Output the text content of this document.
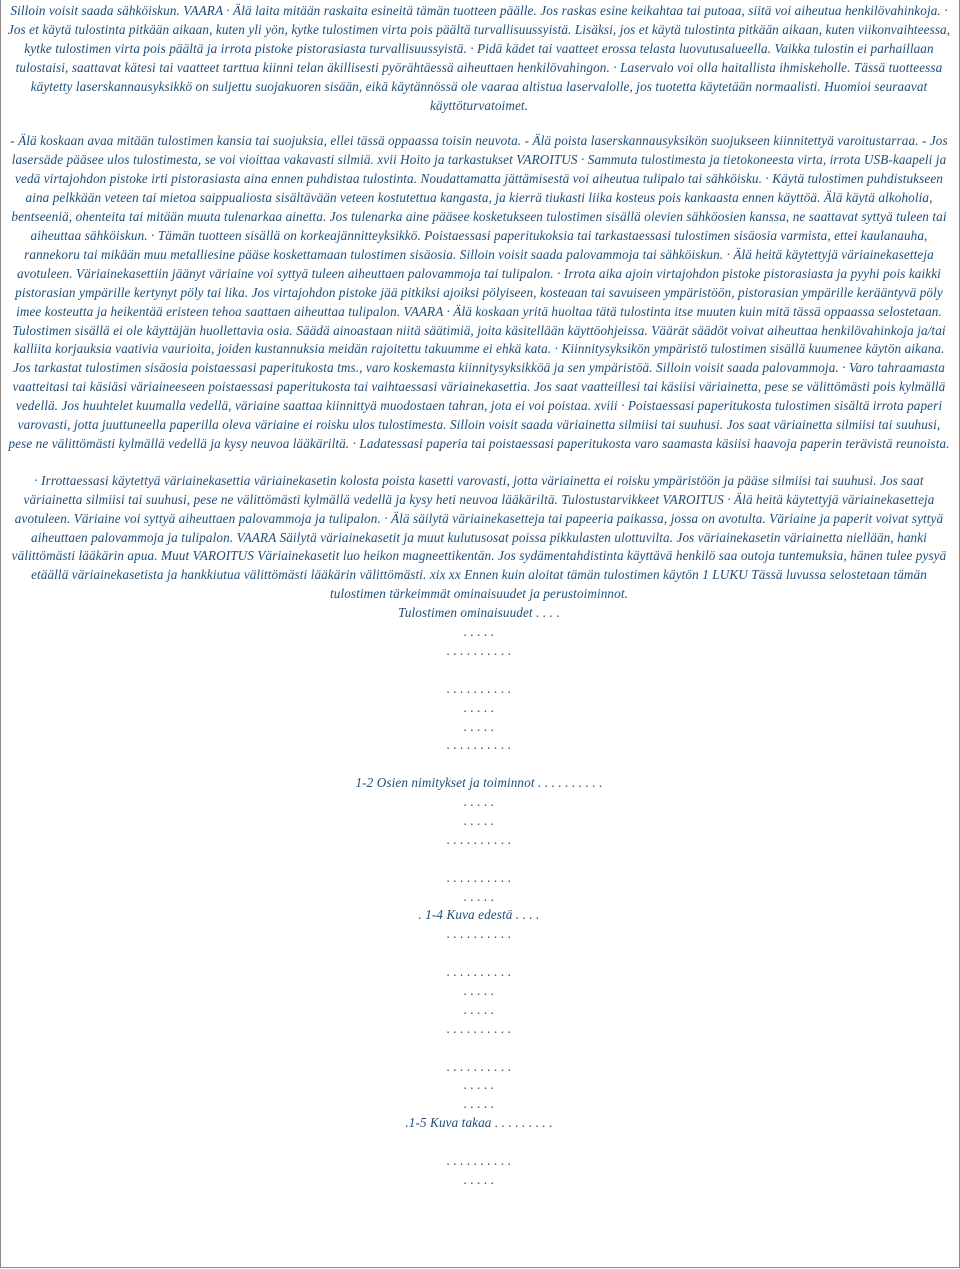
Silloin voisit saada sähköiskun. VAARA · Älä laita mitään raskaita esineitä tämän tuotteen päälle. Jos raskas esine keikahtaa tai putoaa, siitä voi aiheutua henkilövahinkoja. · Jos et käytä tulostinta pitkään aikaan, kuten yli yön, kytke tulostimen virta pois päältä turvallisuussyistä. Lisäksi, jos et käytä tulostinta pitkään aikaan, kuten viikonvaihteessa, kytke tulostimen virta pois päältä ja irrota pistoke pistorasiasta turvallisuussyistä. · Pidä kädet tai vaatteet erossa telasta luovutusalueella. Vaikka tulostin ei parhaillaan tulostaisi, saattavat kätesi tai vaatteet tarttua kiinni telan äkillisesti pyörähtäessä aiheuttaen henkilövahingon. · Laservalo voi olla haitallista ihmiskeholle. Tässä tuotteessa käytetty laserskannausyksikkö on suljettu suojakuoren sisään, eikä käytännössä ole vaaraa altistua laservalolle, jos tuotetta käytetään normaalisti. Huomioi seuraavat käyttöturvatoimet.

- Älä koskaan avaa mitään tulostimen kansia tai suojuksia, ellei tässä oppaassa toisin neuvota. - Älä poista laserskannausyksikön suojukseen kiinnitettyä varoitustarraa. - Jos lasersäde pääsee ulos tulostimesta, se voi vioittaa vakavasti silmiä. xvii Hoito ja tarkastukset VAROITUS · Sammuta tulostimesta ja tietokoneesta virta, irrota USB-kaapeli ja vedä virtajohdon pistoke irti pistorasiasta aina ennen puhdistaa tulostinta. Noudattamatta jättämisestä voi aiheutua tulipalo tai sähköisku. · Käytä tulostimen puhdistukseen aina pelkkään veteen tai mietoa saippualiosta sisältävään veteen kostutettua kangasta, ja kierrä tiukasti liika kosteus pois kankaasta ennen käyttöä. Älä käytä alkoholia, bentseeniä, ohenteita tai mitään muuta tulenarkaa ainetta. Jos tulenarka aine pääsee kosketukseen tulostimen sisällä olevien sähköosien kanssa, ne saattavat syttyä tuleen tai aiheuttaa sähköiskun. · Tämän tuotteen sisällä on korkeajännitteyksikkö. Poistaessasi paperitukoksia tai tarkastaessasi tulostimen sisäosia varmista, ettei kaulanauha, rannekoru tai mikään muu metalliesine pääse koskettamaan tulostimen sisäosia. Silloin voisit saada palovammoja tai sähköiskun. · Älä heitä käytettyjä väriainekasetteja avotuleen. Väriainekasettiin jäänyt väriaine voi syttyä tuleen aiheuttaen palovammoja tai tulipalon. · Irrota aika ajoin virtajohdon pistoke pistorasiasta ja pyyhi pois kaikki pistorasian ympärille kertynyt pöly tai lika. Jos virtajohdon pistoke jää pitkiksi ajoiksi pölyiseen, kosteaan tai savuiseen ympäristöön, pistorasian ympärille kerääntyvä pöly imee kosteutta ja heikentää eristeen tehoa saattaen aiheuttaa tulipalon. VAARA · Älä koskaan yritä huoltaa tätä tulostinta itse muuten kuin mitä tässä oppaassa selostetaan. Tulostimen sisällä ei ole käyttäjän huollettavia osia. Säädä ainoastaan niitä säätimiä, joita käsitellään käyttöohjeissa. Väärät säädöt voivat aiheuttaa henkilövahinkoja ja/tai kalliita korjauksia vaativia vaurioita, joiden kustannuksia meidän rajoitettu takuumme ei ehkä kata. · Kiinnitysyksikön ympäristö tulostimen sisällä kuumenee käytön aikana. Jos tarkastat tulostimen sisäosia poistaessasi paperitukosta tms., varo koskemasta kiinnitysyksikköä ja sen ympäristöä. Silloin voisit saada palovammoja. · Varo tahraamasta vaatteitasi tai käsiäsi väriaineeseen poistaessasi paperitukosta tai vaihtaessasi väriainekasettia. Jos saat vaatteillesi tai käsiisi väriainetta, pese se välittömästi pois kylmällä vedellä. Jos huuhtelet kuumalla vedellä, väriaine saattaa kiinnittyä muodostaen tahran, jota ei voi poistaa. xviii · Poistaessasi paperitukosta tulostimen sisältä irrota paperi varovasti, jotta juuttuneella paperilla oleva väriaine ei roisku ulos tulostimesta. Silloin voisit saada väriainetta silmiisi tai suuhusi. Jos saat väriainetta silmiisi tai suuhusi, pese ne välittömästi kylmällä vedellä ja kysy neuvoa lääkäriltä. · Ladatessasi paperia tai poistaessasi paperitukosta varo saamasta käsiisi haavoja paperin terävistä reunoista.

· Irrottaessasi käytettyä väriainekasettia väriainekasetin kolosta poista kasetti varovasti, jotta väriainetta ei roisku ympäristöön ja pääse silmiisi tai suuhusi. Jos saat väriainetta silmiisi tai suuhusi, pese ne välittömästi kylmällä vedellä ja kysy heti neuvoa lääkäriltä. Tulostustarvikkeet VAROITUS · Älä heitä käytettyjä väriainekasetteja avotuleen. Väriaine voi syttyä aiheuttaen palovammoja ja tulipalon. · Älä säilytä väriainekasetteja tai papeeria paikassa, jossa on avotulta. Väriaine ja paperit voivat syttyä aiheuttaen palovammoja ja tulipalon. VAARA Säilytä väriainekasetit ja muut kulutusosat poissa pikkulasten ulottuvilta. Jos väriainekasetin väriainetta niellään, hanki välittömästi lääkärin apua. Muut VAROITUS Väriainekasetit luo heikon magneettikentän. Jos sydämentahdistinta käyttävä henkilö saa outoja tuntemuksia, hänen tulee pysyä etäällä väriainekasetista ja hankkiutua välittömästi lääkärin välittömästi. xix xx Ennen kuin aloitat tämän tulostimen käytön 1 LUKU Tässä luvussa selostetaan tämän tulostimen tärkeimmät ominaisuudet ja perustoiminnot.

Tulostimen ominaisuudet . . . .
. . . . .
. . . . . . . . . .
. . . . . . . . . .
. . . . .
. . . . .
. . . . . . . . . .
1-2 Osien nimitykset ja toiminnot . . . . . . . . . .
. . . . .
. . . . .
. . . . . . . . . .
. . . . . . . . . .
. . . . .
. 1-4 Kuva edestä . . . .
. . . . . . . . . .
. . . . . . . . . .
. . . . .
. . . . .
. . . . . . . . . .
. . . . . . . . . .
. . . . .
. . . . .
.1-5 Kuva takaa . . . . . . . . .
. . . . . . . . . .
. . . . .
